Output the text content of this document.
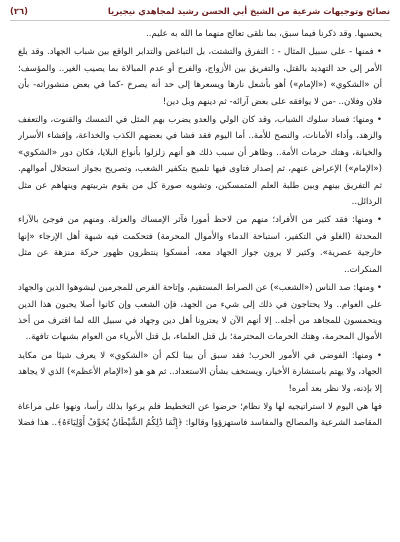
نصائح وتوجيهات شرعية من الشيخ أبي الحسن رشيد لمجاهدي نيجيريا
(٢٦)

يحسبها. وقد ذكرنا فيما سبق، بما نلقى تعالج منهما ما الله به عليم..

• فمنها - على سبيل المثال - : التفرق والتشتت، بل التباغض والتدابر الواقع بين شباب الجهاد. وقد بلغ الأمر إلى حد التهديد بالقتل، والتفريق بين الأزواج، والفرح أو عدم المبالاة بما يصيب الغير.. والمؤسف؛ أن «الشكوي» («الإمام») أهو بأشعل نارها ويسعرها إلى حد أنه يصرخ -كما في بعض منشوراته- بأن فلان وفلان.. -من لا يوافقه على بعض آرائه- ثم دينهم وبل دين!

• ومنها: فساد سلوك الشباب، وقد كان الولي والعدو يضرب بهم المثل في التمسك والقنوت، والتعفف والزهد، وأداء الأمانات، والنصح للأمة.. أما اليوم فقد فشا في بعضهم الكذب والخداعة، وإفشاء الأسرار والخيانة، وهتك حرمات الأمة.. وظاهر أن سبب ذلك هو أنهم زلزلوا بأنواع البلايا، فكان دور «الشكوي» («الإمام») الإعراض عنهم، ثم إصدار فتاوى فيها تلميح بتكفير الشعب، وتصريح بجواز استحلال أموالهم. ثم التفريق بينهم وبين طلبة العلم المتمسكين، وتشويه صورة كل من يقوم بتربيتهم وينهاهم عن مثل الرذائل..

• ومنها: فقد كثير من الأفراد؛ منهم من لاحظ أمورا فآثر الإمساك والعزلة. ومنهم من فوجئ بالآراء المحدثة (الغلو في التكفير، استباحة الدماء والأموال المحرمة) فتحكمت فيه شبهة أهل الإرجاء «إنها خارجية عصرية». وكثير لا يرون جواز الجهاد معه، أمسكوا ينتظرون ظهور حركة منزهة عن مثل المنكرات..

• ومنها: صد الناس («الشعب») عن الصراط المستقيم، وإتاحة الفرص للمجرمين ليشوهوا الدين والجهاد على العوام.. ولا يحتاجون في ذلك إلى شيء من الجهد، فإن الشعب وإن كانوا أصلا يحبون هذا الدين ويتحمسون للمجاهد من أجله.. إلا أنهم الآن لا يعترونا أهل دين وجهاد في سبيل الله لما اقترف من أخذ الأموال المحرمة، وهتك الحرمات المحترمة؛ بل قتل العلماء، بل قتل الأبرياء من العوام بشبهات تافهة..

• ومنها: الفوضى في الأمور الحرب؛ فقد سبق أن بينا لكم أن «الشكوي» لا يعرف شيئا من مكايد الجهاد، ولا يهتم باستشارة الأخيار، ويستخف بشأن الاستعداد.. ثم هو هو («الإمام الأعظم») الذي لا يجاهد إلا بإذنه، ولا نظر بعد أمره!

فها هي اليوم لا استراتيجيه لها ولا نظام؛ حرضوا عن التخطيط فلم يرعوا بذلك رأسا، ونهوا على مراعاة المقاصد الشرعية والمصالح والمفاسد فاستهزؤوا وقالوا: ﴿إِنَّمَا ذَٰلِكُمُ الشَّيْطَانُ يُخَوِّفُ أَوْلِيَاءَهُ﴾.. هذا فضلا
